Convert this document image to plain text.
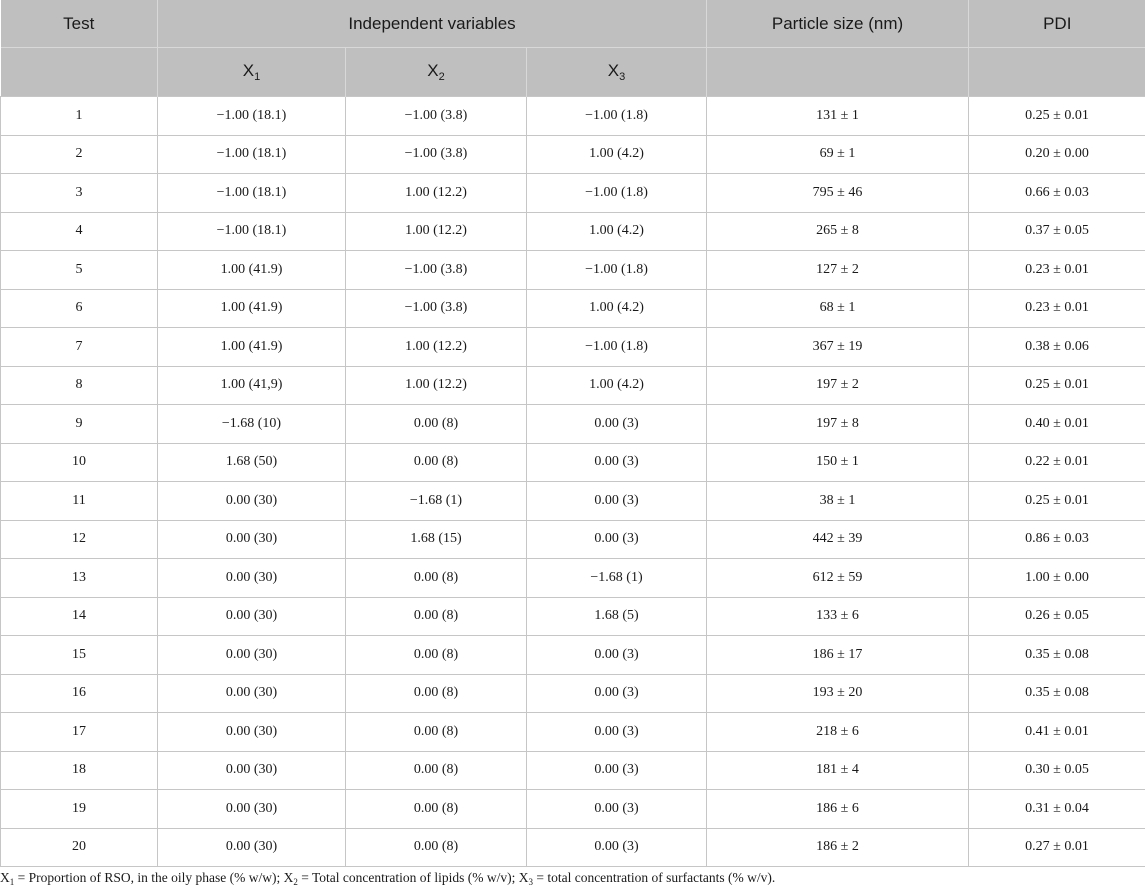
Test	Independent variables			Particle size (nm)	PDI
	$X_1$	$X_2$	$X_3$		
1	−1.00 (18.1)	−1.00 (3.8)	−1.00 (1.8)	131 ± 1	0.25 ± 0.01
2	−1.00 (18.1)	−1.00 (3.8)	1.00 (4.2)	69 ± 1	0.20 ± 0.00
3	−1.00 (18.1)	1.00 (12.2)	−1.00 (1.8)	795 ± 46	0.66 ± 0.03
4	−1.00 (18.1)	1.00 (12.2)	1.00 (4.2)	265 ± 8	0.37 ± 0.05
5	1.00 (41.9)	−1.00 (3.8)	−1.00 (1.8)	127 ± 2	0.23 ± 0.01
6	1.00 (41.9)	−1.00 (3.8)	1.00 (4.2)	68 ± 1	0.23 ± 0.01
7	1.00 (41.9)	1.00 (12.2)	−1.00 (1.8)	367 ± 19	0.38 ± 0.06
8	1.00 (41,9)	1.00 (12.2)	1.00 (4.2)	197 ± 2	0.25 ± 0.01
9	−1.68 (10)	0.00 (8)	0.00 (3)	197 ± 8	0.40 ± 0.01
10	1.68 (50)	0.00 (8)	0.00 (3)	150 ± 1	0.22 ± 0.01
11	0.00 (30)	−1.68 (1)	0.00 (3)	38 ± 1	0.25 ± 0.01
12	0.00 (30)	1.68 (15)	0.00 (3)	442 ± 39	0.86 ± 0.03
13	0.00 (30)	0.00 (8)	−1.68 (1)	612 ± 59	1.00 ± 0.00
14	0.00 (30)	0.00 (8)	1.68 (5)	133 ± 6	0.26 ± 0.05
15	0.00 (30)	0.00 (8)	0.00 (3)	186 ± 17	0.35 ± 0.08
16	0.00 (30)	0.00 (8)	0.00 (3)	193 ± 20	0.35 ± 0.08
17	0.00 (30)	0.00 (8)	0.00 (3)	218 ± 6	0.41 ± 0.01
18	0.00 (30)	0.00 (8)	0.00 (3)	181 ± 4	0.30 ± 0.05
19	0.00 (30)	0.00 (8)	0.00 (3)	186 ± 6	0.31 ± 0.04
20	0.00 (30)	0.00 (8)	0.00 (3)	186 ± 2	0.27 ± 0.01
$X_1$ = Proportion of RSO, in the oily phase (% w/w); $X_2$ = Total concentration of lipids (% w/v); $X_3$ = total concentration of surfactants (% w/v).
